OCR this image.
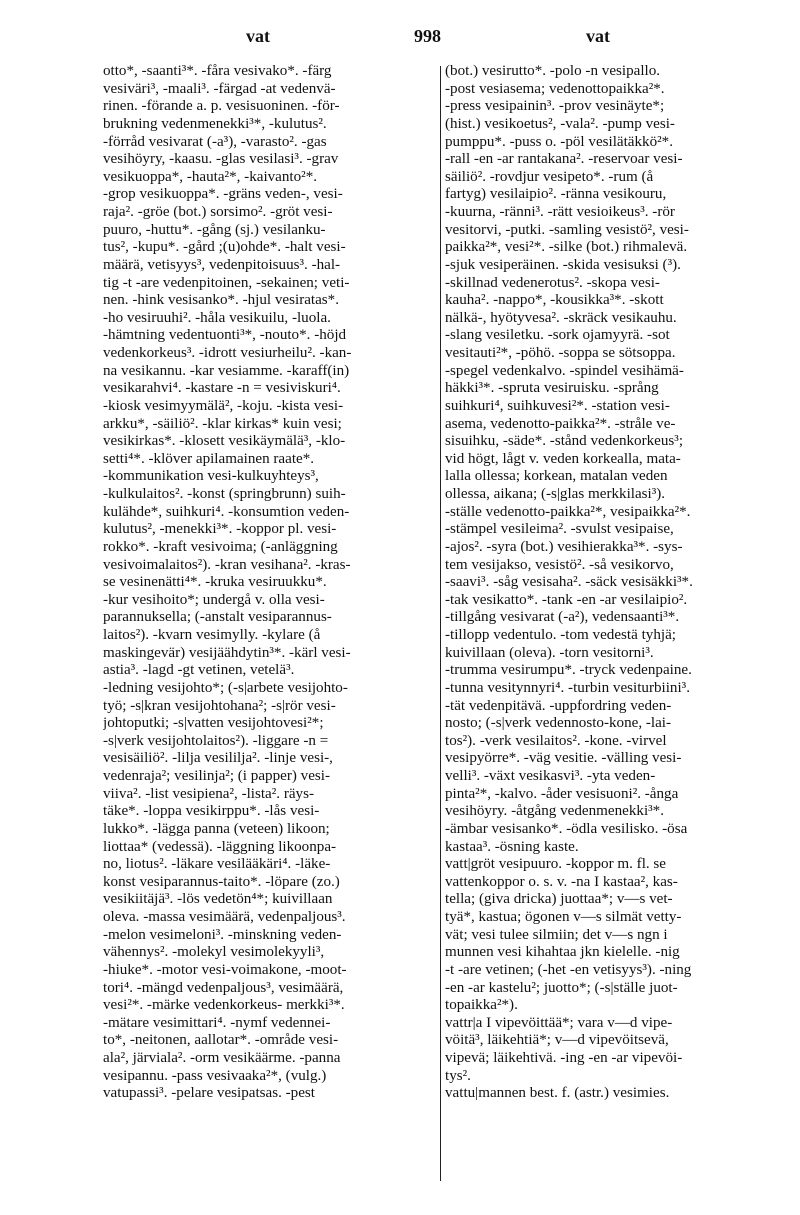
vat	998	vat
otto*, -saanti³*. -fåra vesivako*. -färg
vesiväri³, -maali³. -färgad -at vedenvä-
rinen. -förande a. p. vesisuoninen. -för-
brukning vedenmenekki³*, -kulutus².
-förråd vesivarat (-a³), -varasto². -gas
vesihöyry, -kaasu. -glas vesilasi³. -grav
vesikuoppa*, -hauta²*, -kaivanto²*.
-grop vesikuoppa*. -gräns veden-, vesi-
raja². -gröe (bot.) sorsimo². -gröt vesi-
puuro, -huttu*. -gång (sj.) vesilanku-
tus², -kupu*. -gård ;(u)ohde*. -halt vesi-
määrä, vetisyys³, vedenpitoisuus³. -hal-
tig -t -are vedenpitoinen, -sekainen; veti-
nen. -hink vesisanko*. -hjul vesiratas*.
-ho vesiruuhi². -håla vesikuilu, -luola.
-hämtning vedentuonti³*, -nouto*. -höjd
vedenkorkeus³. -idrott vesiurheilu². -kan-
na vesikannu. -kar vesiamme. -karaff(in)
vesikarahvi⁴. -kastare -n = vesiviskuri⁴.
-kiosk vesimyymälä², -koju. -kista vesi-
arkku*, -säiliö². -klar kirkas* kuin vesi;
vesikirkas*. -klosett vesikäymälä³, -klo-
setti⁴*. -klöver apilamainen raate*.
-kommunikation vesi-kulkuyhteys³,
-kulkulaitos². -konst (springbrunn) suih-
kulähde*, suihkuri⁴. -konsumtion veden-
kulutus², -menekki³*. -koppor pl. vesi-
rokko*. -kraft vesivoima; (-anläggning
vesivoimalaitos²). -kran vesihana². -kras-
se vesinenätti⁴*. -kruka vesiruukku*.
-kur vesihoito*; undergå v. olla vesi-
parannuksella; (-anstalt vesiparannus-
laitos²). -kvarn vesimylly. -kylare (å
maskingevär) vesijäähdytin³*. -kärl vesi-
astia³. -lagd -gt vetinen, vetelä³.
-ledning vesijohto*; (-s|arbete vesijohto-
työ; -s|kran vesijohtohana²; -s|rör vesi-
johtoputki; -s|vatten vesijohtovesi²*;
-s|verk vesijohtolaitos²). -liggare -n =
vesisäiliö². -lilja vesililja². -linje vesi-,
vedenraja²; vesilinja²; (i papper) vesi-
viiva². -list vesipiena², -lista². räys-
täke*. -loppa vesikirppu*. -lås vesi-
lukko*. -lägga panna (veteen) likoon;
liottaa* (vedessä). -läggning likoonpa-
no, liotus². -läkare vesilääkäri⁴. -läke-
konst vesiparannus-taito*. -löpare (zo.)
vesikiitäjä³. -lös vedetön⁴*; kuivillaan
oleva. -massa vesimäärä, vedenpaljous³.
-melon vesimeloni³. -minskning veden-
vähennys². -molekyl vesimolekyyli³,
-hiukе*. -motor vesi-voimakone, -moot-
tori⁴. -mängd vedenpaljous³, vesimäärä,
vesi²*. -märke vedenkorkeus- merkki³*.
-mätare vesimittari⁴. -nymf vedennei-
to*, -neitonen, aallotar*. -område vesi-
ala², järviala². -orm vesikäärme. -panna
vesipannu. -pass vesivaaka²*, (vulg.)
vatupassi³. -pelare vesipatsas. -pest
(bot.) vesirutto*. -polo -n vesipallo.
-post vesiasema; vedenottopaikka²*.
-press vesipainin³. -prov vesinäyte*;
(hist.) vesikoetus², -vala². -pump vesi-
pumppu*. -puss o. -pöl vesilätäkkö²*.
-rall -en -ar rantakana². -reservoar vesi-
säiliö². -rovdjur vesipeto*. -rum (å
fartyg) vesilaipio². -ränna vesikouru,
-kuurna, -ränni³. -rätt vesioikeus³. -rör
vesitorvi, -putki. -samling vesistö², vesi-
paikka²*, vesi²*. -silke (bot.) rihmalevä.
-sjuk vesiperäinen. -skida vesisuksi (³).
-skillnad vedenerotus². -skopa vesi-
kauha². -nappo*, -kousikka³*. -skott
nälkä-, hyötyvesa². -skräck vesikauhu.
-slang vesiletku. -sork ojamyyrä. -sot
vesitauti²*, -pöhö. -soppa se sötsoppa.
-spegel vedenkalvo. -spindel vesihämä-
häkki³*. -spruta vesiruisku. -språng
suihkuri⁴, suihkuvesi²*. -station vesi-
asema, vedenotto-paikka²*. -stråle ve-
sisuihku, -säde*. -stånd vedenkorkeus³;
vid högt, lågt v. veden korkealla, mata-
lalla ollessa; korkean, matalan veden
ollessa, aikana; (-s|glas merkkilasi³).
-ställe vedenotto-paikka²*, vesipaikka²*.
-stämpel vesileima². -svulst vesipaise,
-ajos². -syra (bot.) vesihierakka³*. -sys-
tem vesijakso, vesistö². -så vesikorvo,
-saavi³. -såg vesisaha². -säck vesisäkki³*.
-tak vesikatto*. -tank -en -ar vesilaipio².
-tillgång vesivarat (-a²), vedensaanti³*.
-tillopp vedentulo. -tom vedestä tyhjä;
kuivillaan (oleva). -torn vesitorni³.
-trumma vesirumpu*. -tryck vedenpaine.
-tunna vesitynnyri⁴. -turbin vesiturbiini³.
-tät vedenpitävä. -uppfordring veden-
nosto; (-s|verk vedennosto-kone, -lai-
tos²). -verk vesilaitos². -kone. -virvel
vesipyörre*. -väg vesitie. -välling vesi-
velli³. -växt vesikasvi³. -yta veden-
pinta²*, -kalvo. -åder vesisuoni². -ånga
vesihöyry. -åtgång vedenmenekki³*.
-ämbar vesisanko*. -ödla vesilisko. -ösa
kastaa³. -ösning kaste.
vatt|gröt vesipuuro. -koppor m. fl. se
vattenkoppor o. s. v. -na I kastaa², kas-
tella; (giva dricka) juottaa*; v—s vet-
tyä*, kastua; ögonen v—s silmät vetty-
vät; vesi tulee silmiin; det v—s ngn i
munnen vesi kihahtaa jkn kielelle. -nig
-t -are vetinen; (-het -en vetisyys³). -ning
-en -ar kastelu²; juotto*; (-s|ställe juot-
topaikka²*).
vattr|a I vipevöittää*; vara v—d vipe-
vöitä³, läikehtiä*; v—d vipevöitsevä,
vipevä; läikehtivä. -ing -en -ar vipevöi-
tys².
vattu|mannen best. f. (astr.) vesimies.
